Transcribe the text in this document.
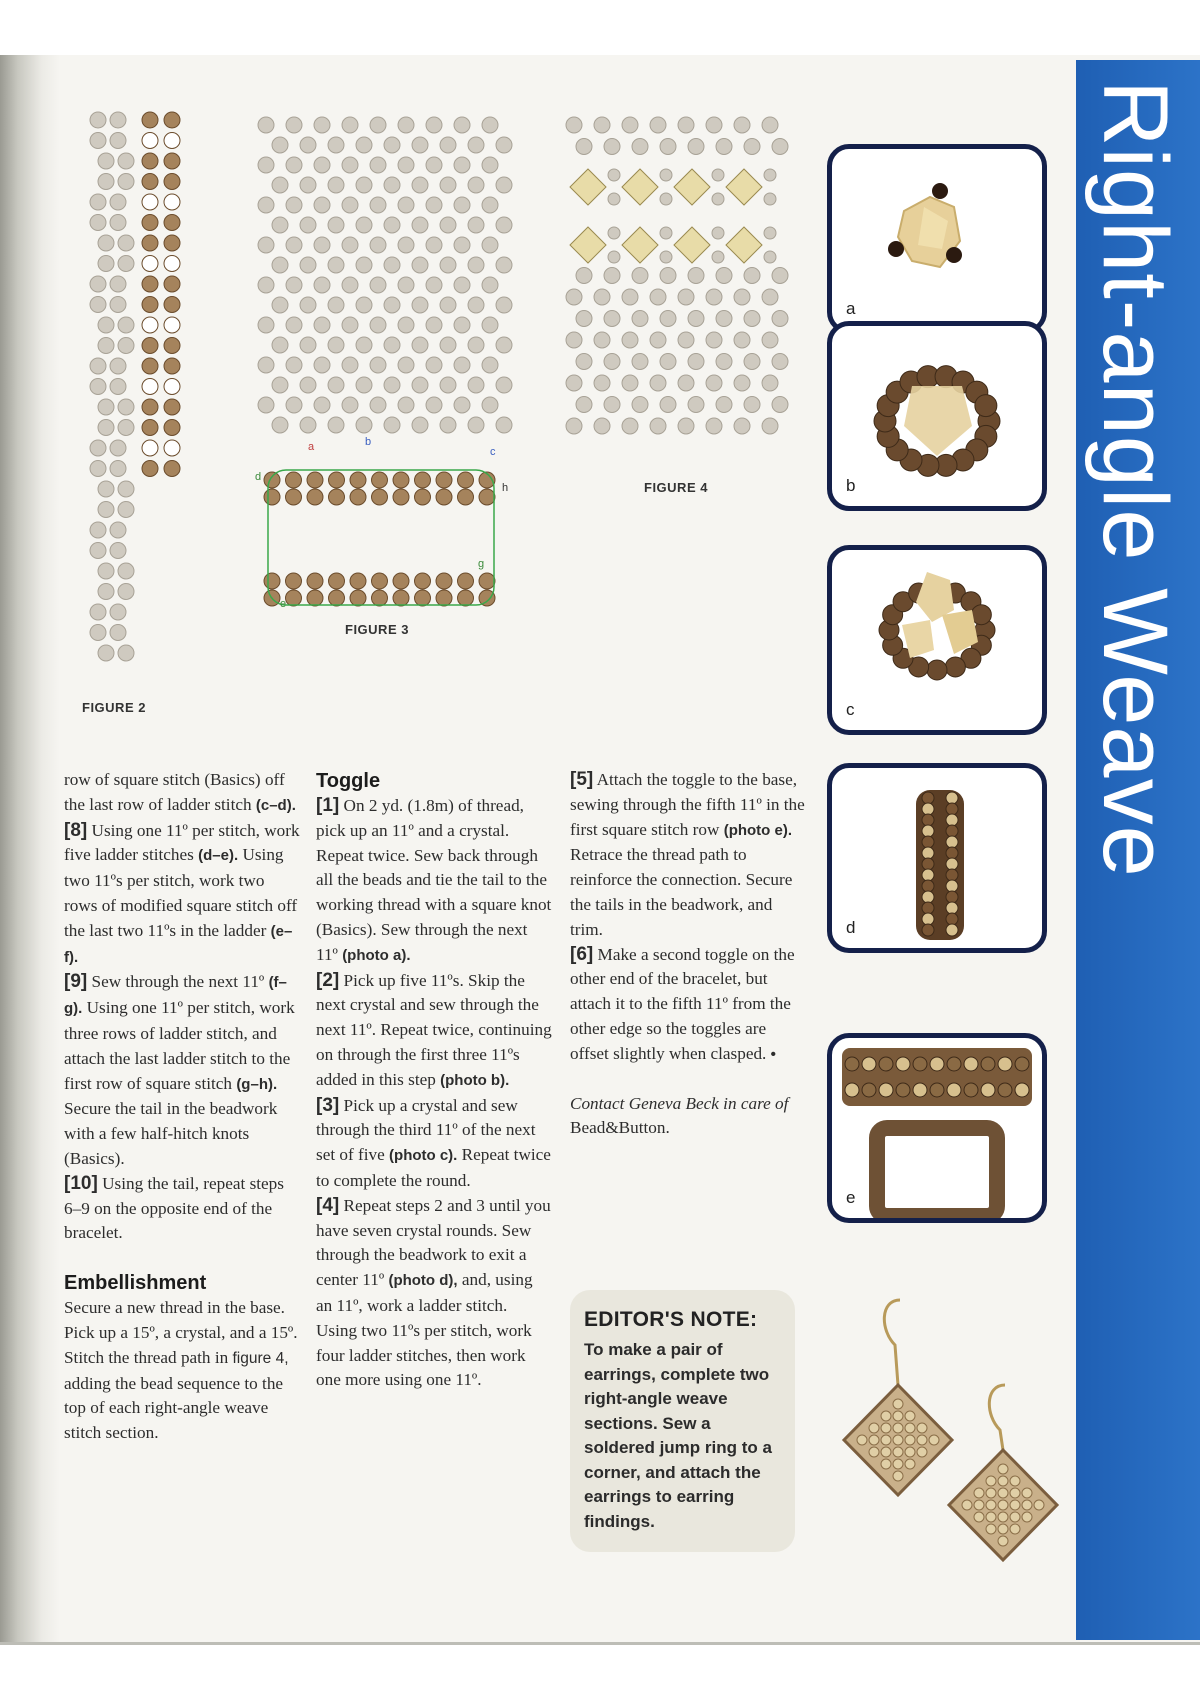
Right-angle Weave
FIGURE 2
d
a	b
c
h
g
e
FIGURE 3
FIGURE 4
a
b
c
d
e

row of square stitch (Basics) off the last row of ladder stitch (c–d).

[8] Using one 11º per stitch, work five ladder stitches (d–e). Using two 11ºs per stitch, work two rows of modified square stitch off the last two 11ºs in the ladder (e–f).

[9] Sew through the next 11º (f–g). Using one 11º per stitch, work three rows of ladder stitch, and attach the last ladder stitch to the first row of square stitch (g–h). Secure the tail in the beadwork with a few half-hitch knots (Basics).

[10] Using the tail, repeat steps 6–9 on the opposite end of the bracelet.

Embellishment

Secure a new thread in the base. Pick up a 15º, a crystal, and a 15º. Stitch the thread path in figure 4, adding the bead sequence to the top of each right-angle weave stitch section.

Toggle

[1] On 2 yd. (1.8m) of thread, pick up an 11º and a crystal. Repeat twice. Sew back through all the beads and tie the tail to the working thread with a square knot (Basics). Sew through the next 11º (photo a).

[2] Pick up five 11ºs. Skip the next crystal and sew through the next 11º. Repeat twice, continuing on through the first three 11ºs added in this step (photo b).

[3] Pick up a crystal and sew through the third 11º of the next set of five (photo c). Repeat twice to complete the round.

[4] Repeat steps 2 and 3 until you have seven crystal rounds. Sew through the beadwork to exit a center 11º (photo d), and, using an 11º, work a ladder stitch. Using two 11ºs per stitch, work four ladder stitches, then work one more using one 11º.

[5] Attach the toggle to the base, sewing through the fifth 11º in the first square stitch row (photo e). Retrace the thread path to reinforce the connection. Secure the tails in the beadwork, and trim.

[6] Make a second toggle on the other end of the bracelet, but attach it to the fifth 11º from the other edge so the toggles are offset slightly when clasped. •

Contact Geneva Beck in care of Bead&Button.

EDITOR'S NOTE:

To make a pair of earrings, complete two right-angle weave sections. Sew a soldered jump ring to a corner, and attach the earrings to earring findings.
